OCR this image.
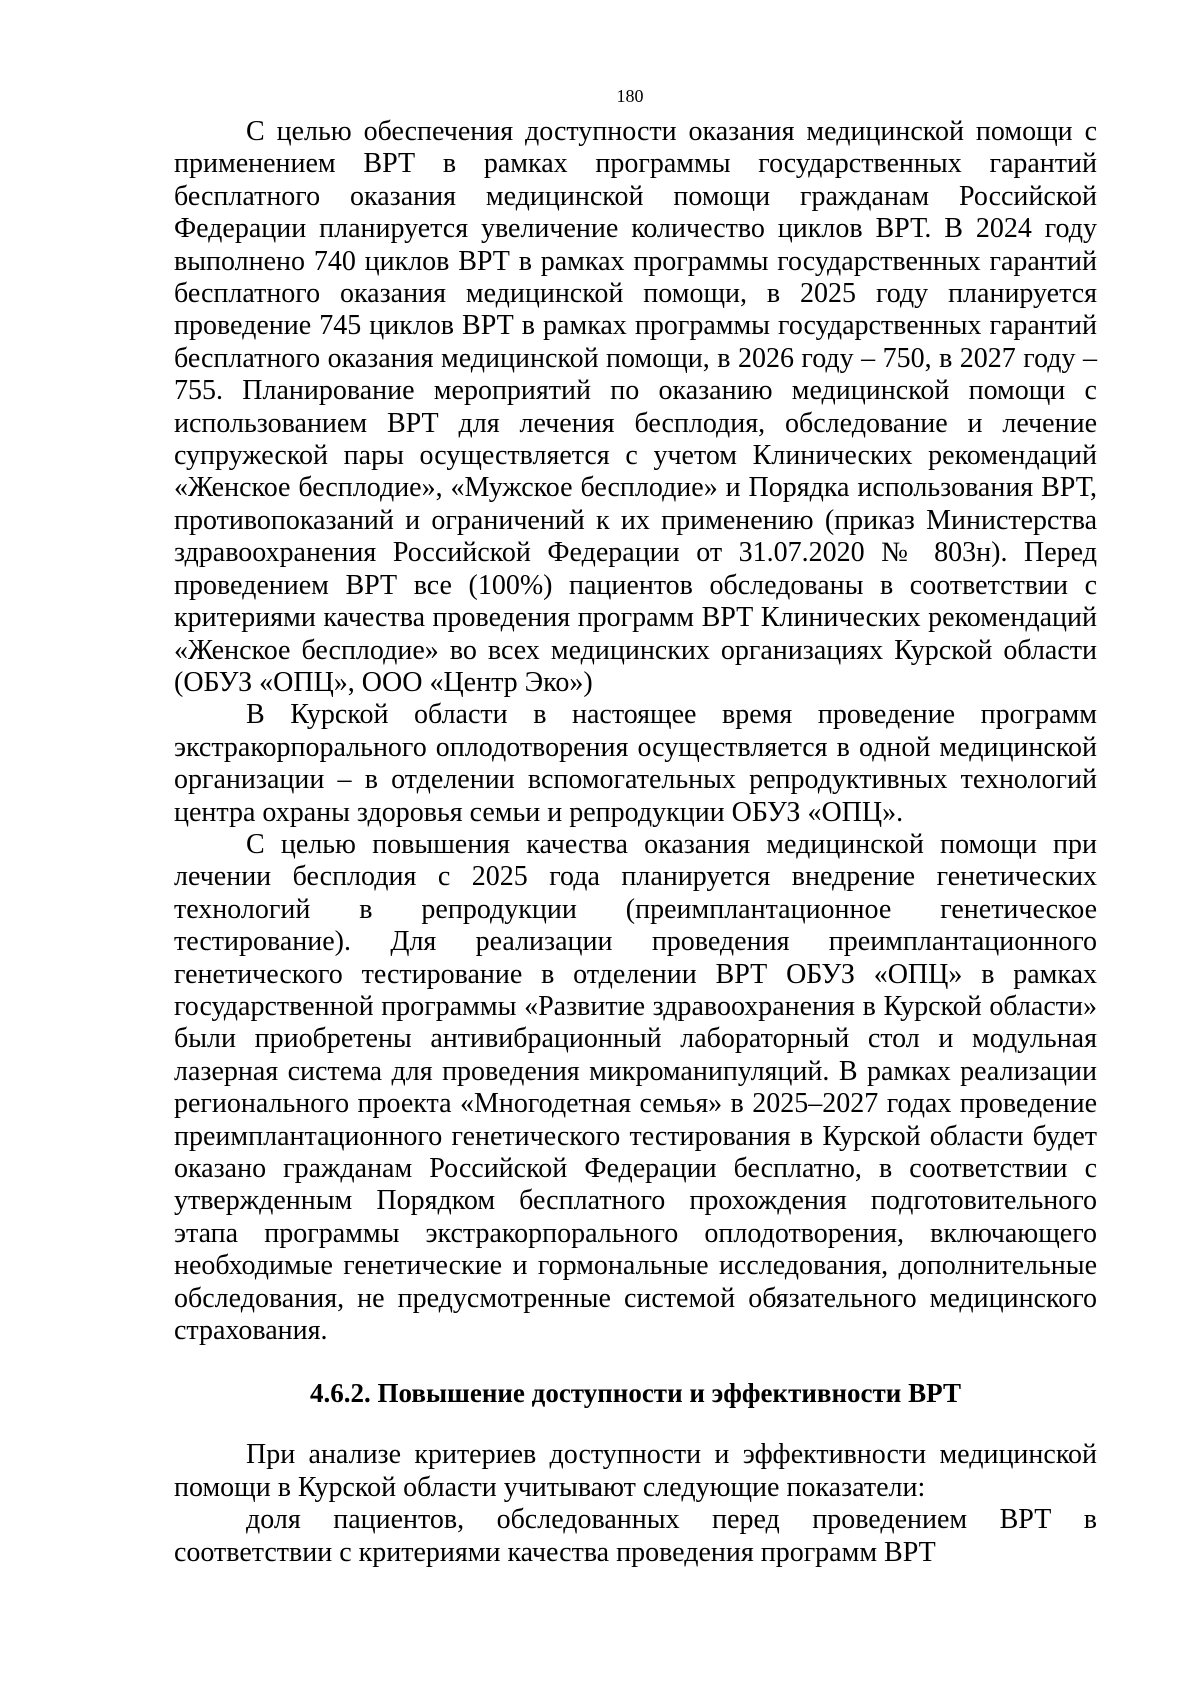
180

С целью обеспечения доступности оказания медицинской помощи с применением ВРТ в рамках программы государственных гарантий бесплатного оказания медицинской помощи гражданам Российской Федерации планируется увеличение количество циклов ВРТ. В 2024 году выполнено 740 циклов ВРТ в рамках программы государственных гарантий бесплатного оказания медицинской помощи, в 2025 году планируется проведение 745 циклов ВРТ в рамках программы государственных гарантий бесплатного оказания медицинской помощи, в 2026 году – 750, в 2027 году – 755. Планирование мероприятий по оказанию медицинской помощи с использованием ВРТ для лечения бесплодия, обследование и лечение супружеской пары осуществляется с учетом Клинических рекомендаций «Женское бесплодие», «Мужское бесплодие» и Порядка использования ВРТ, противопоказаний и ограничений к их применению (приказ Министерства здравоохранения Российской Федерации от 31.07.2020 № 803н). Перед проведением ВРТ все (100%) пациентов обследованы в соответствии с критериями качества проведения программ ВРТ Клинических рекомендаций «Женское бесплодие» во всех медицинских организациях Курской области (ОБУЗ «ОПЦ», ООО «Центр Эко»)

В Курской области в настоящее время проведение программ экстракорпорального оплодотворения осуществляется в одной медицинской организации – в отделении вспомогательных репродуктивных технологий центра охраны здоровья семьи и репродукции ОБУЗ «ОПЦ».

С целью повышения качества оказания медицинской помощи при лечении бесплодия с 2025 года планируется внедрение генетических технологий в репродукции (преимплантационное генетическое тестирование). Для реализации проведения преимплантационного генетического тестирование в отделении ВРТ ОБУЗ «ОПЦ» в рамках государственной программы «Развитие здравоохранения в Курской области» были приобретены антивибрационный лабораторный стол и модульная лазерная система для проведения микроманипуляций. В рамках реализации регионального проекта «Многодетная семья» в 2025–2027 годах проведение преимплантационного генетического тестирования в Курской области будет оказано гражданам Российской Федерации бесплатно, в соответствии с утвержденным Порядком бесплатного прохождения подготовительного этапа программы экстракорпорального оплодотворения, включающего необходимые генетические и гормональные исследования, дополнительные обследования, не предусмотренные системой обязательного медицинского страхования.

4.6.2. Повышение доступности и эффективности ВРТ

При анализе критериев доступности и эффективности медицинской помощи в Курской области учитывают следующие показатели:

доля пациентов, обследованных перед проведением ВРТ в соответствии с критериями качества проведения программ ВРТ
